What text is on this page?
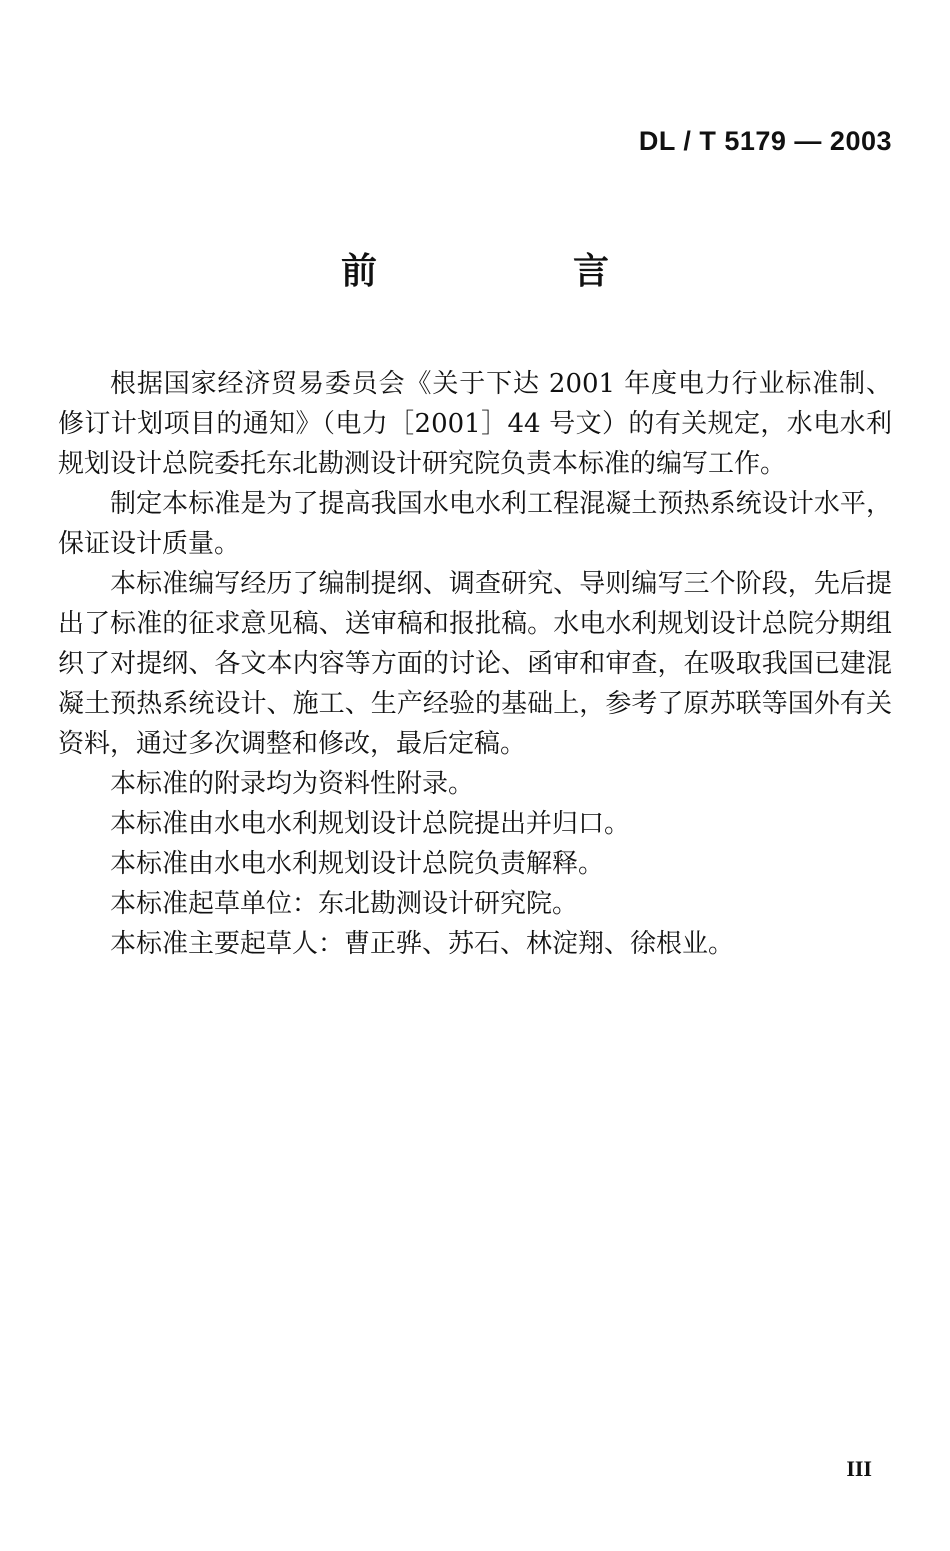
DL / T 5179 — 2003
前　言

根据国家经济贸易委员会《关于下达 2001 年度电力行业标准制、修订计划项目的通知》（电力［2001］44 号文）的有关规定，水电水利规划设计总院委托东北勘测设计研究院负责本标准的编写工作。

制定本标准是为了提高我国水电水利工程混凝土预热系统设计水平，保证设计质量。

本标准编写经历了编制提纲、调查研究、导则编写三个阶段，先后提出了标准的征求意见稿、送审稿和报批稿。水电水利规划设计总院分期组织了对提纲、各文本内容等方面的讨论、函审和审查，在吸取我国已建混凝土预热系统设计、施工、生产经验的基础上，参考了原苏联等国外有关资料，通过多次调整和修改，最后定稿。

本标准的附录均为资料性附录。

本标准由水电水利规划设计总院提出并归口。

本标准由水电水利规划设计总院负责解释。

本标准起草单位：东北勘测设计研究院。

本标准主要起草人：曹正骅、苏石、林淀翔、徐根业。

III
